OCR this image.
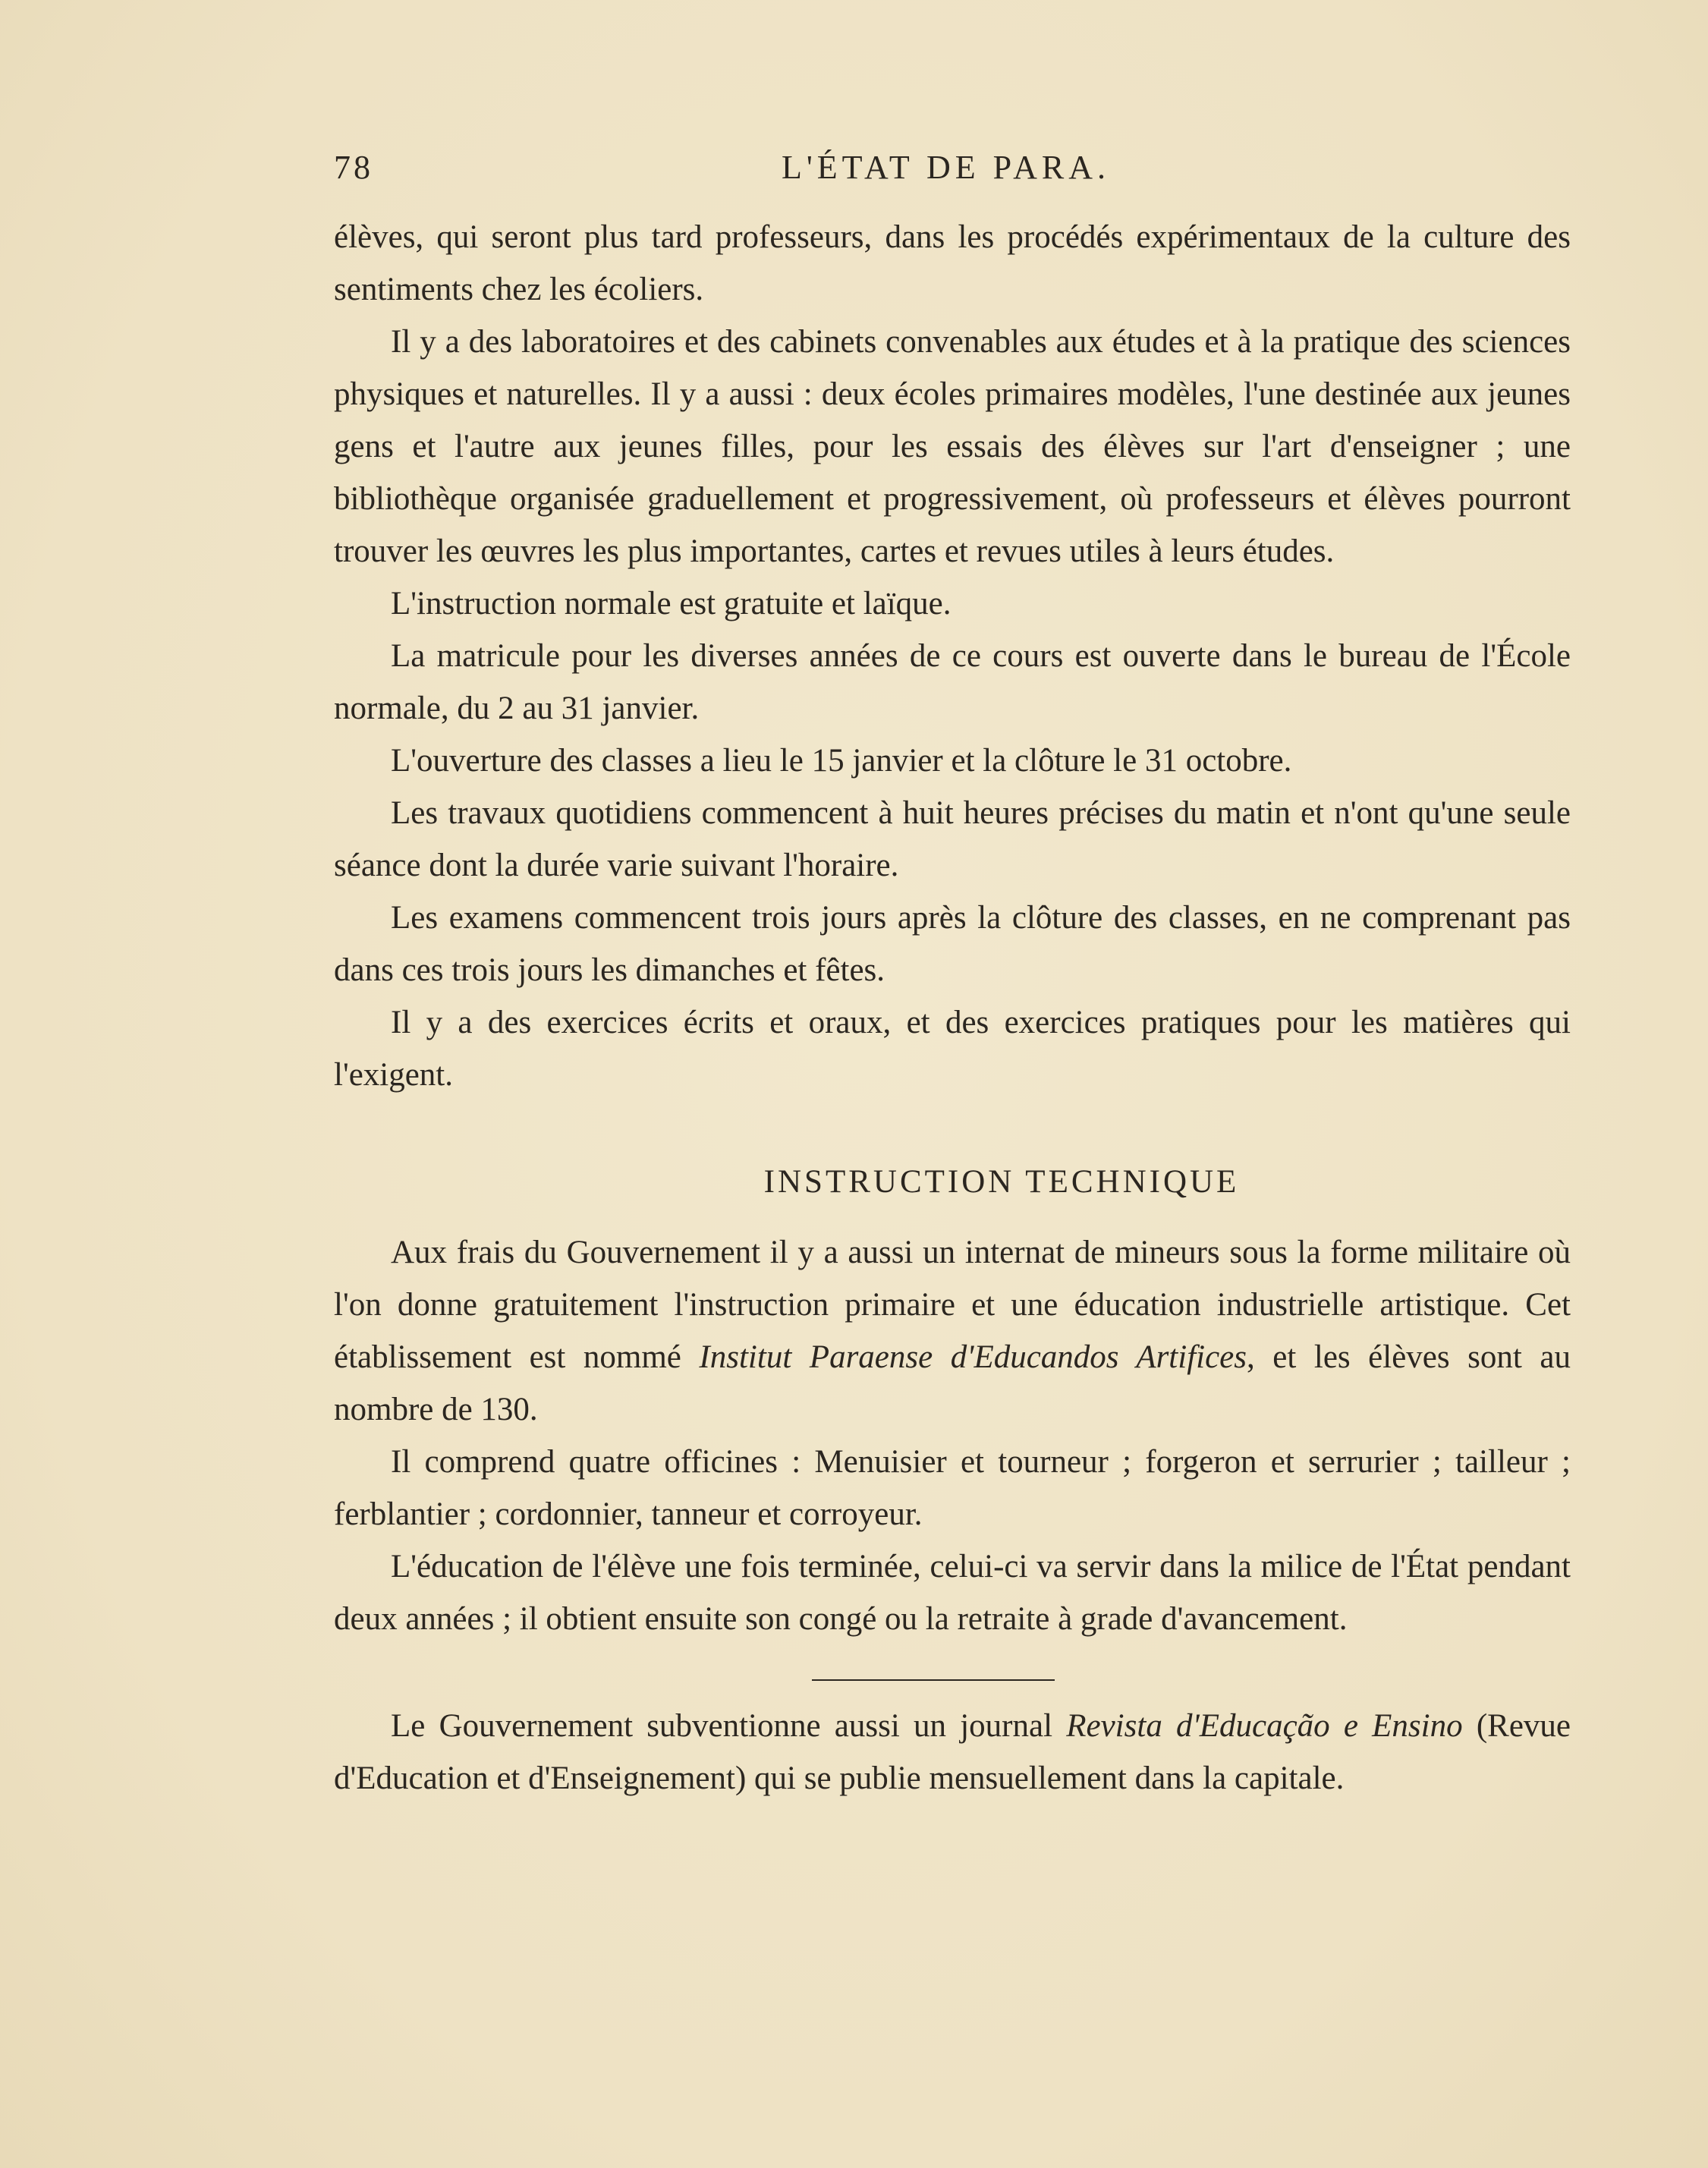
78	L'ÉTAT DE PARA.

élèves, qui seront plus tard professeurs, dans les procédés expérimentaux de la culture des sentiments chez les écoliers.

Il y a des laboratoires et des cabinets convenables aux études et à la pratique des sciences physiques et naturelles. Il y a aussi : deux écoles primaires modèles, l'une destinée aux jeunes gens et l'autre aux jeunes filles, pour les essais des élèves sur l'art d'enseigner ; une bibliothèque organisée graduellement et progressivement, où professeurs et élèves pourront trouver les œuvres les plus importantes, cartes et revues utiles à leurs études.

L'instruction normale est gratuite et laïque.

La matricule pour les diverses années de ce cours est ouverte dans le bureau de l'École normale, du 2 au 31 janvier.

L'ouverture des classes a lieu le 15 janvier et la clôture le 31 octobre.

Les travaux quotidiens commencent à huit heures précises du matin et n'ont qu'une seule séance dont la durée varie suivant l'horaire.

Les examens commencent trois jours après la clôture des classes, en ne comprenant pas dans ces trois jours les dimanches et fêtes.

Il y a des exercices écrits et oraux, et des exercices pratiques pour les matières qui l'exigent.

INSTRUCTION TECHNIQUE

Aux frais du Gouvernement il y a aussi un internat de mineurs sous la forme militaire où l'on donne gratuitement l'instruction primaire et une éducation industrielle artistique. Cet établissement est nommé Institut Paraense d'Educandos Artifices, et les élèves sont au nombre de 130.

Il comprend quatre officines : Menuisier et tourneur ; forgeron et serrurier ; tailleur ; ferblantier ; cordonnier, tanneur et corroyeur.

L'éducation de l'élève une fois terminée, celui-ci va servir dans la milice de l'État pendant deux années ; il obtient ensuite son congé ou la retraite à grade d'avancement.

Le Gouvernement subventionne aussi un journal Revista d'Educação e Ensino (Revue d'Education et d'Enseignement) qui se publie mensuellement dans la capitale.
